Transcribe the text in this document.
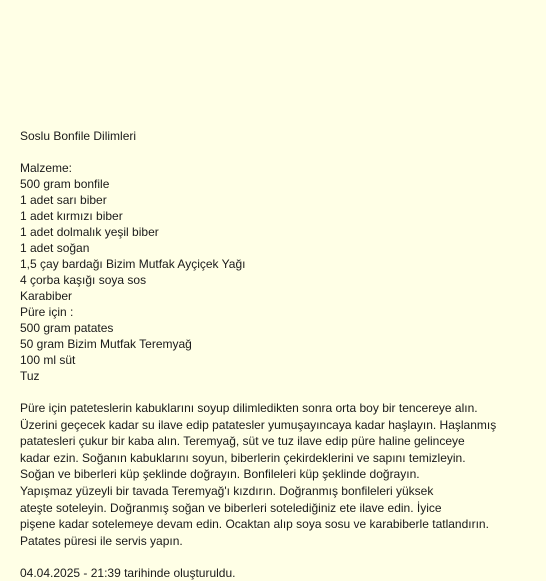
Soslu Bonfile Dilimleri
Malzeme:
500 gram bonfile
1 adet sarı biber
1 adet kırmızı biber
1 adet dolmalık yeşil biber
1 adet soğan
1,5 çay bardağı Bizim Mutfak Ayçiçek Yağı
4 çorba kaşığı soya sos
Karabiber
Püre için :
500 gram patates
50 gram Bizim Mutfak Teremyağ
100 ml süt
Tuz
Püre için pateteslerin kabuklarını soyup dilimledikten sonra orta boy bir tencereye alın.
Üzerini geçecek kadar su ilave edip patatesler yumuşayıncaya kadar haşlayın. Haşlanmış
patatesleri çukur bir kaba alın. Teremyağ, süt ve tuz ilave edip püre haline gelinceye
kadar ezin. Soğanın kabuklarını soyun, biberlerin çekirdeklerini ve sapını temizleyin.
Soğan ve biberleri küp şeklinde doğrayın. Bonfileleri küp şeklinde doğrayın.
Yapışmaz yüzeyli bir tavada Teremyağ'ı kızdırın. Doğranmış bonfileleri yüksek
ateşte soteleyin. Doğranmış soğan ve biberleri sotelediğiniz ete ilave edin. İyice
pişene kadar sotelemeye devam edin. Ocaktan alıp soya sosu ve karabiberle tatlandırın.
Patates püresi ile servis yapın.
04.04.2025 - 21:39 tarihinde oluşturuldu.
